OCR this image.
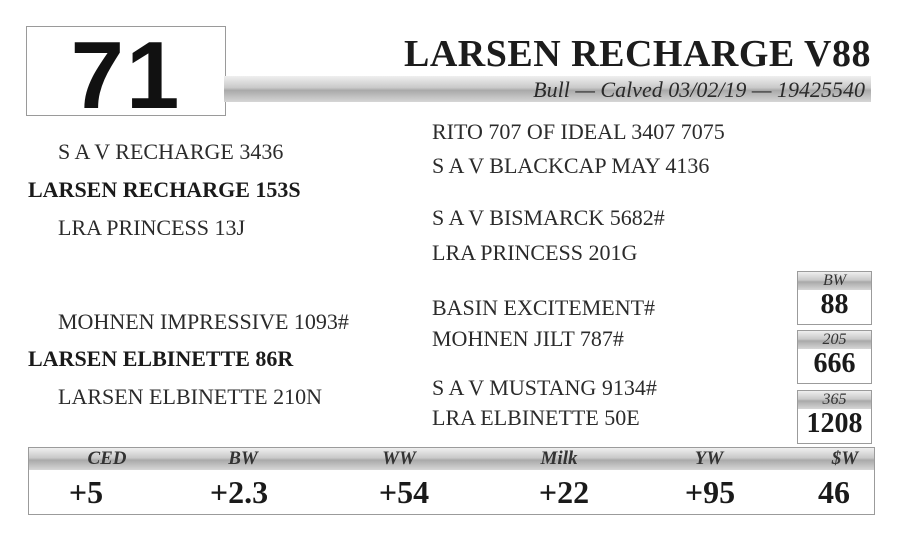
71	LARSEN RECHARGE V88
Bull — Calved 03/02/19 — 19425540
S A V RECHARGE 3436
LARSEN RECHARGE 153S
LRA PRINCESS 13J
RITO 707 OF IDEAL 3407 7075
S A V BLACKCAP MAY 4136
S A V BISMARCK 5682#
LRA PRINCESS 201G
MOHNEN IMPRESSIVE 1093#
LARSEN ELBINETTE 86R
LARSEN ELBINETTE 210N
BASIN EXCITEMENT#
MOHNEN JILT 787#
S A V MUSTANG 9134#
LRA ELBINETTE 50E
BW
88
205
666
365
1208
CED	BW	WW	Milk	YW	$W
+5	+2.3	+54	+22	+95	46
